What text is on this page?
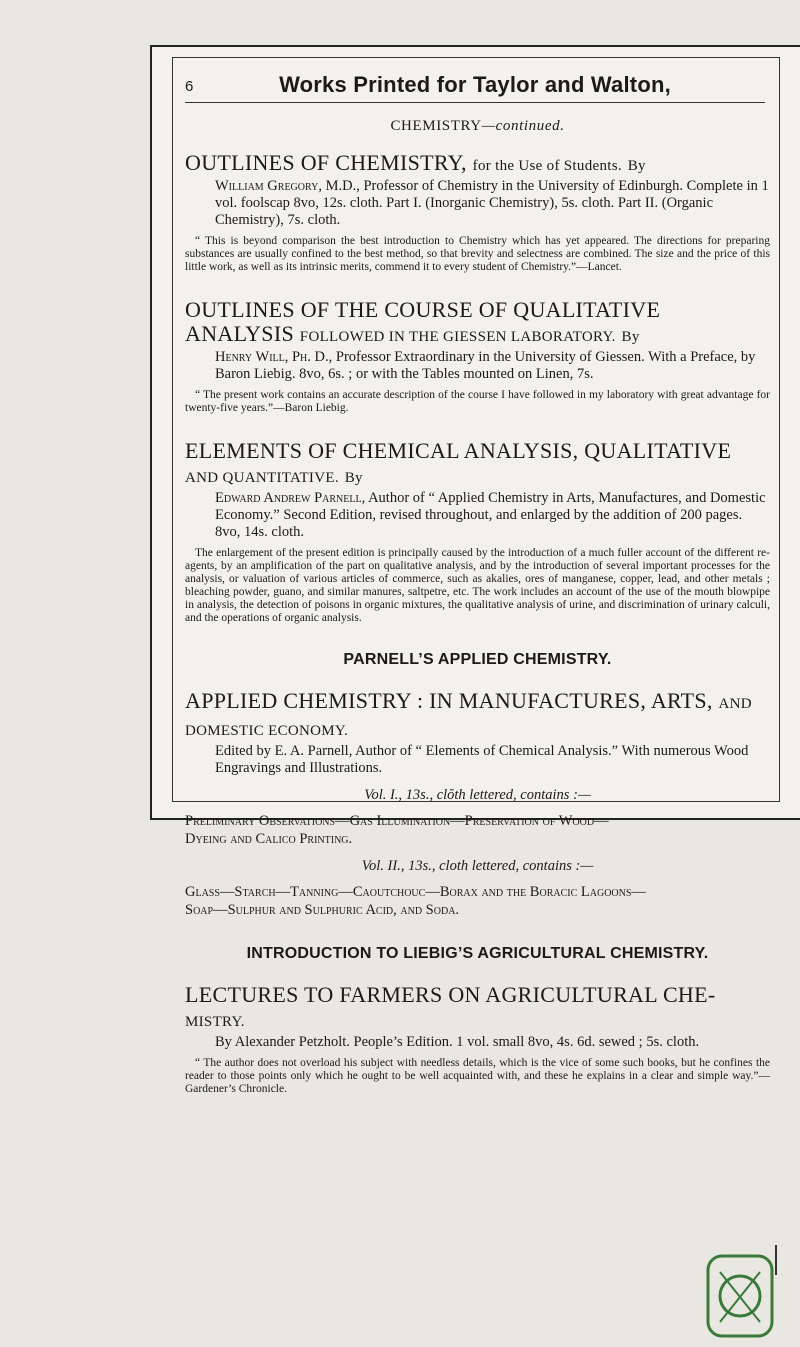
6	Works Printed for Taylor and Walton,
CHEMISTRY—continued.

OUTLINES OF CHEMISTRY, for the Use of Students. By

William Gregory, M.D., Professor of Chemistry in the University of Edinburgh. Complete in 1 vol. foolscap 8vo, 12s. cloth. Part I. (Inorganic Chemistry), 5s. cloth. Part II. (Organic Chemistry), 7s. cloth.

“ This is beyond comparison the best introduction to Chemistry which has yet appeared. The directions for preparing substances are usually confined to the best method, so that brevity and selectness are combined. The size and the price of this little work, as well as its intrinsic merits, commend it to every student of Chemistry.”—Lancet.

OUTLINES OF THE COURSE OF QUALITATIVE ANALYSIS FOLLOWED IN THE GIESSEN LABORATORY. By

Henry Will, Ph. D., Professor Extraordinary in the University of Giessen. With a Preface, by Baron Liebig. 8vo, 6s. ; or with the Tables mounted on Linen, 7s.

“ The present work contains an accurate description of the course I have followed in my laboratory with great advantage for twenty-five years.”—Baron Liebig.

ELEMENTS OF CHEMICAL ANALYSIS, QUALITATIVE AND QUANTITATIVE. By

Edward Andrew Parnell, Author of “ Applied Chemistry in Arts, Manufactures, and Domestic Economy.” Second Edition, revised throughout, and enlarged by the addition of 200 pages. 8vo, 14s. cloth.

The enlargement of the present edition is principally caused by the introduction of a much fuller account of the different re-agents, by an amplification of the part on qualitative analysis, and by the introduction of several important processes for the analysis, or valuation of various articles of commerce, such as akalies, ores of manganese, copper, lead, and other metals ; bleaching powder, guano, and similar manures, saltpetre, etc. The work includes an account of the use of the mouth blowpipe in analysis, the detection of poisons in organic mixtures, the qualitative analysis of urine, and discrimination of urinary calculi, and the operations of organic analysis.

PARNELL’S APPLIED CHEMISTRY.

APPLIED CHEMISTRY : IN MANUFACTURES, ARTS, AND DOMESTIC ECONOMY.

Edited by E. A. Parnell, Author of “ Elements of Chemical Analysis.” With numerous Wood Engravings and Illustrations.

Vol. I., 13s., clŏth lettered, contains :—

Preliminary Observations—Gas Illumination—Preservation of Wood—
Dyeing and Calico Printing.

Vol. II., 13s., cloth lettered, contains :—

Glass—Starch—Tanning—Caoutchouc—Borax and the Boracic Lagoons—
Soap—Sulphur and Sulphuric Acid, and Soda.

INTRODUCTION TO LIEBIG’S AGRICULTURAL CHEMISTRY.

LECTURES TO FARMERS ON AGRICULTURAL CHE- MISTRY.

By Alexander Petzholt. People’s Edition. 1 vol. small 8vo, 4s. 6d. sewed ; 5s. cloth.

“ The author does not overload his subject with needless details, which is the vice of some such books, but he confines the reader to those points only which he ought to be well acquainted with, and these he explains in a clear and simple way.”—Gardener’s Chronicle.
